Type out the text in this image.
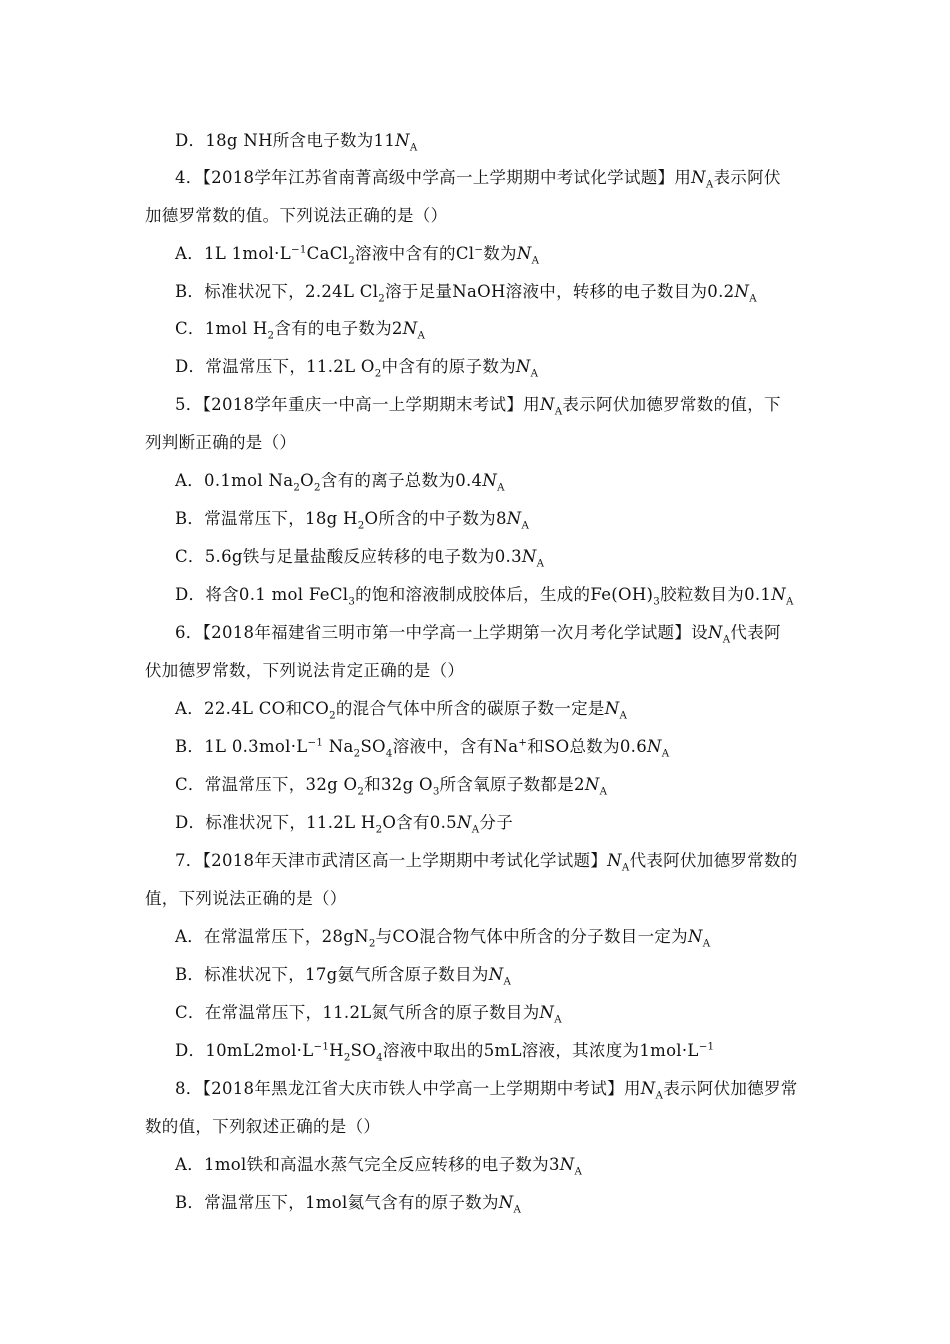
D．18g NH所含电子数为$11N_A$
4．【2018学年江苏省南菁高级中学高一上学期期中考试化学试题】用$N_A$表示阿伏
加德罗常数的值。下列说法正确的是（）
A．1L $1mol\cdot L^{-1}CaCl_2$溶液中含有的Cl−数为$N_A$
B．标准状况下，2.24L $Cl_2$溶于足量NaOH溶液中，转移的电子数目为$0.2N_A$
C．1mol $H_2$含有的电子数为$2N_A$
D．常温常压下，11.2L $O_2$中含有的原子数为$N_A$
5．【2018学年重庆一中高一上学期期末考试】用$N_A$表示阿伏加德罗常数的值，下
列判断正确的是（）
A．0.1mol $Na_2O_2$含有的离子总数为$0.4N_A$
B．常温常压下，18g $H_2O$所含的中子数为$8N_A$
C．5.6g铁与足量盐酸反应转移的电子数为$0.3N_A$
D．将含0.1 mol FeCl$_3$的饱和溶液制成胶体后，生成的$Fe(OH)_3$胶粒数目为$0.1N_A$
6．【2018年福建省三明市第一中学高一上学期第一次月考化学试题】设$N_A$代表阿
伏加德罗常数，下列说法肯定正确的是（）
A．22.4L CO和$CO_2$的混合气体中所含的碳原子数一定是$N_A$
B．1L $0.3mol\cdot L^{-1}$ $Na_2SO_4$溶液中，含有Na+和SO总数为$0.6N_A$
C．常温常压下，32g $O_2$和32g $O_3$所含氧原子数都是$2N_A$
D．标准状况下，11.2L $H_2O$含有$0.5N_A$分子
7．【2018年天津市武清区高一上学期期中考试化学试题】$N_A$代表阿伏加德罗常数的
值，下列说法正确的是（）
A．在常温常压下，$28gN_2$与CO混合物气体中所含的分子数目一定为$N_A$
B．标准状况下，17g氨气所含原子数目为$N_A$
C．在常温常压下，11.2L氮气所含的原子数目为$N_A$
D．$10mL2mol\cdot L^{-1}H_2SO_4$溶液中取出的5mL溶液，其浓度为$1mol\cdot L^{-1}$
8．【2018年黑龙江省大庆市铁人中学高一上学期期中考试】用$N_A$表示阿伏加德罗常
数的值，下列叙述正确的是（）
A．1mol铁和高温水蒸气完全反应转移的电子数为$3N_A$
B．常温常压下，1mol氦气含有的原子数为$N_A$
